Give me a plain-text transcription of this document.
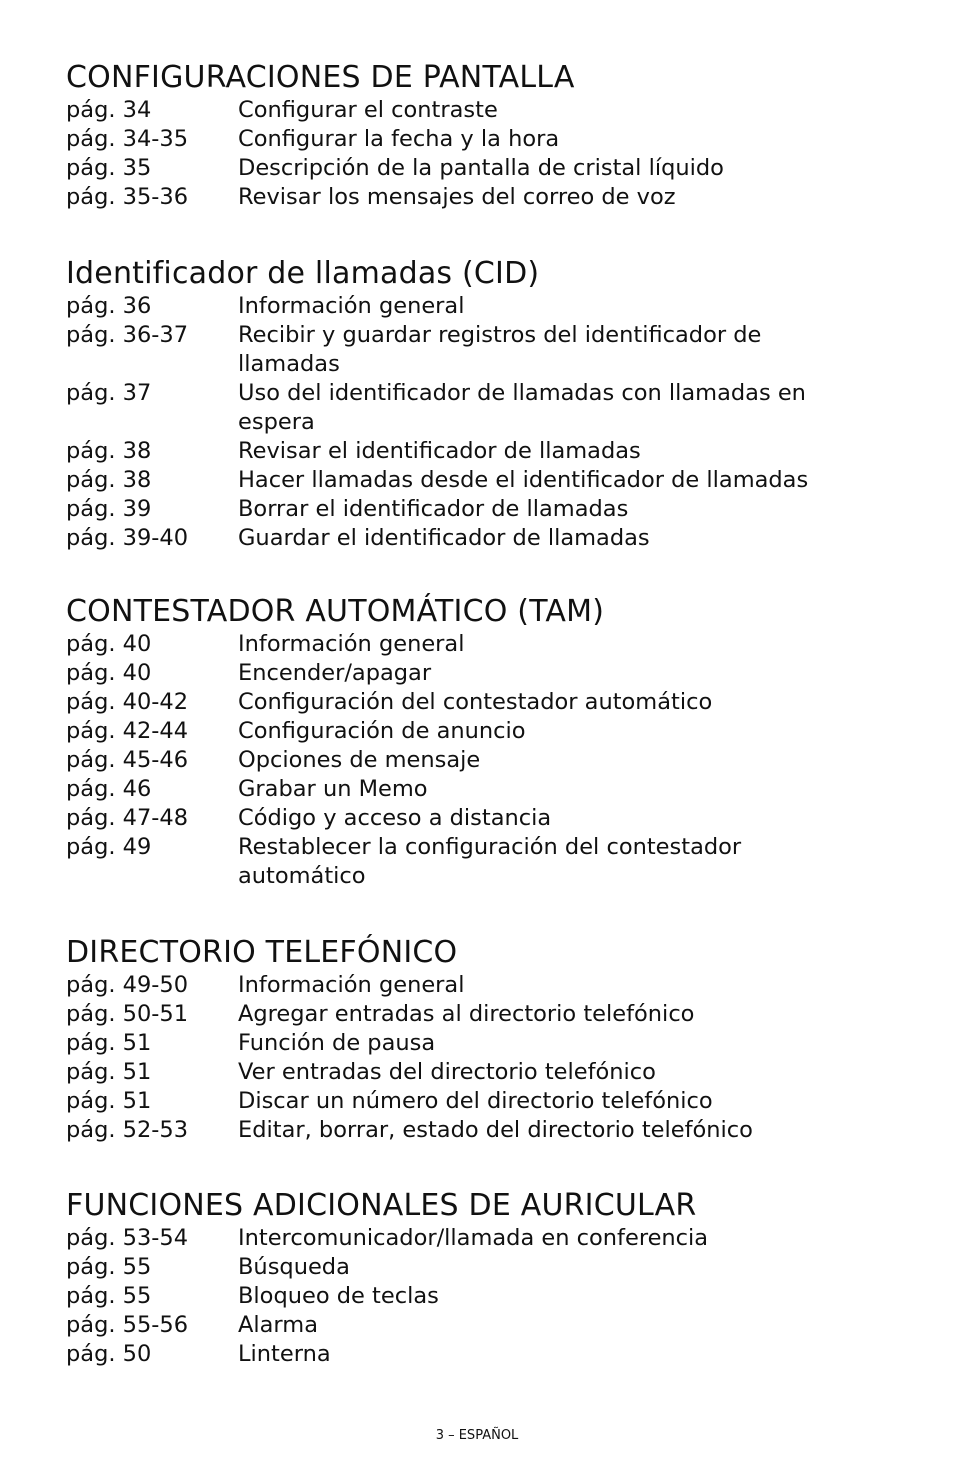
CONFIGURACIONES DE PANTALLA
pág. 34	Configurar el contraste
pág. 34-35	Configurar la fecha y la hora
pág. 35	Descripción de la pantalla de cristal líquido
pág. 35-36	Revisar los mensajes del correo de voz
Identificador de llamadas (CID)
pág. 36	Información general
pág. 36-37	Recibir y guardar registros del identificador de llamadas
pág. 37	Uso del identificador de llamadas con llamadas en espera
pág. 38	Revisar el identificador de llamadas
pág. 38	Hacer llamadas desde el identificador de llamadas
pág. 39	Borrar el identificador de llamadas
pág. 39-40	Guardar el identificador de llamadas
CONTESTADOR AUTOMÁTICO (TAM)
pág. 40	Información general
pág. 40	Encender/apagar
pág. 40-42	Configuración del contestador automático
pág. 42-44	Configuración de anuncio
pág. 45-46	Opciones de mensaje
pág. 46	Grabar un Memo
pág. 47-48	Código y acceso a distancia
pág. 49	Restablecer la configuración del contestador automático
DIRECTORIO TELEFÓNICO
pág. 49-50	Información general
pág. 50-51	Agregar entradas al directorio telefónico
pág. 51	Función de pausa
pág. 51	Ver entradas del directorio telefónico
pág. 51	Discar un número del directorio telefónico
pág. 52-53	Editar, borrar, estado del directorio telefónico
FUNCIONES ADICIONALES DE AURICULAR
pág. 53-54	Intercomunicador/llamada en conferencia
pág. 55	Búsqueda
pág. 55	Bloqueo de teclas
pág. 55-56	Alarma
pág. 50	Linterna
3 – ESPAÑOL
